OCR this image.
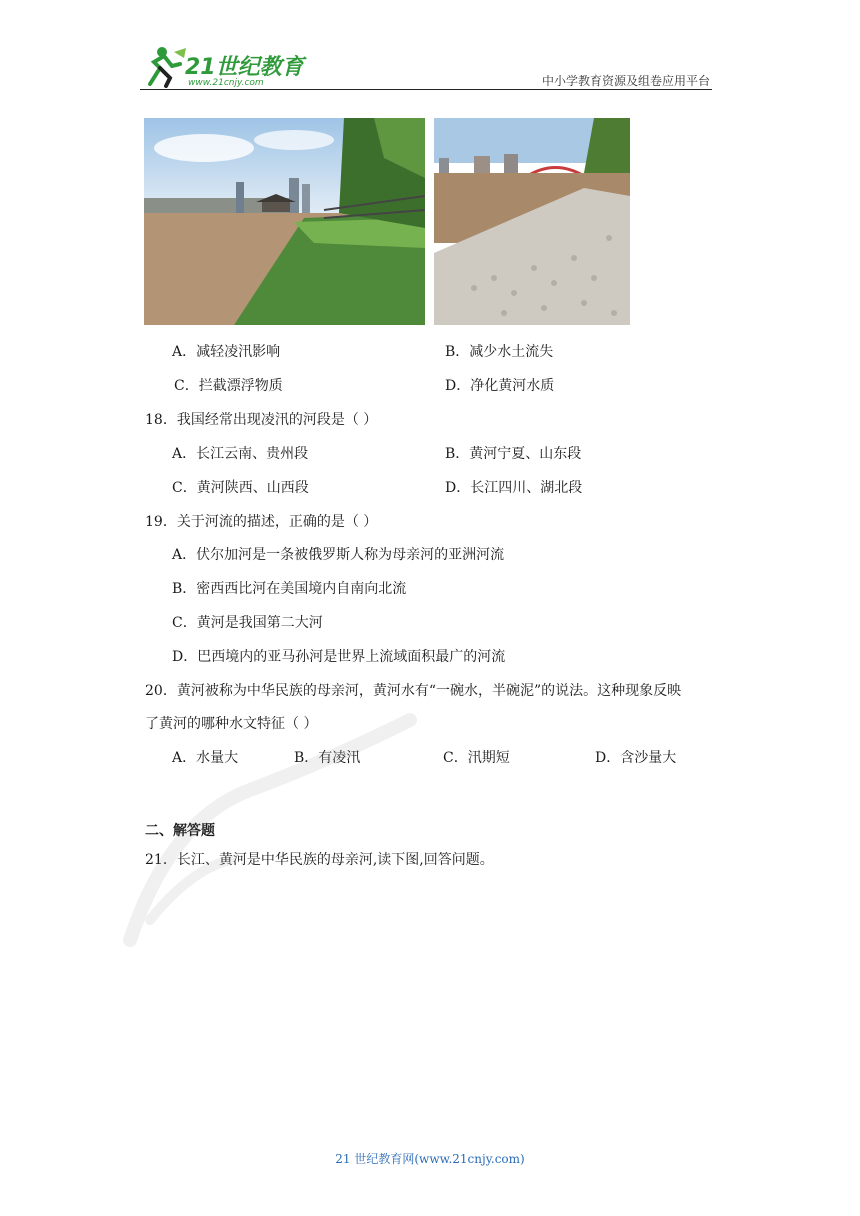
21世纪教育
www.21cnjy.com	中小学教育资源及组卷应用平台
A．减轻凌汛影响	B．减少水土流失
C．拦截漂浮物质	D．净化黄河水质
18．我国经常出现凌汛的河段是（ ）
A．长江云南、贵州段	B．黄河宁夏、山东段
C．黄河陕西、山西段	D．长江四川、湖北段
19．关于河流的描述，正确的是（ ）
A．伏尔加河是一条被俄罗斯人称为母亲河的亚洲河流
B．密西西比河在美国境内自南向北流
C．黄河是我国第二大河
D．巴西境内的亚马孙河是世界上流域面积最广的河流
20．黄河被称为中华民族的母亲河，黄河水有“一碗水，半碗泥”的说法。这种现象反映
了黄河的哪种水文特征（ ）
A．水量大	B．有凌汛	C．汛期短	D．含沙量大
二、解答题
21．长江、黄河是中华民族的母亲河,读下图,回答问题。
21 世纪教育网(www.21cnjy.com)
